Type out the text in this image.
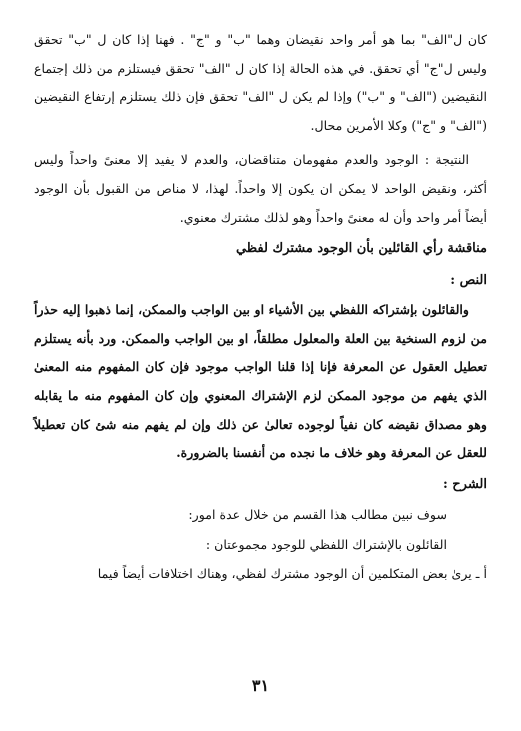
كان ل"الف" بما هو أمر واحد نقيضان وهما "ب" و "ج" . فهنا إذا كان ل "ب" تحقق وليس ل"ج" أي تحقق. في هذه الحالة إذا كان ل "الف" تحقق فيستلزم من ذلك إجتماع النقيضين ("الف" و "ب") وإذا لم يكن ل "الف" تحقق فإن ذلك يستلزم إرتفاع النقيضين ("الف" و "ج") وكلا الأمرين محال.

النتيجة : الوجود والعدم مفهومان متناقضان، والعدم لا يفيد إلا معنىً واحداً وليس أكثر، ونقيض الواحد لا يمكن ان يكون إلا واحداً. لهذا، لا مناص من القبول بأن الوجود أيضاً أمر واحد وأن له معنىً واحداً وهو لذلك مشترك معنوي.

مناقشة رأي القائلين بأن الوجود مشترك لفظي
النص :

والقائلون بإشتراكه اللفظي بين الأشياء او بين الواجب والممكن، إنما ذهبوا إليه حذراً من لزوم السنخية بين العلة والمعلول مطلقاً، او بين الواجب والممكن. ورد بأنه يستلزم تعطيل العقول عن المعرفة فإنا إذا قلنا الواجب موجود فإن كان المفهوم منه المعنىٰ الذي يفهم من موجود الممكن لزم الإشتراك المعنوي وإن كان المفهوم منه ما يقابله وهو مصداق نقيضه كان نفياً لوجوده تعالىٰ عن ذلك وإن لم يفهم منه شئ كان تعطيلاً للعقل عن المعرفة وهو خلاف ما نجده من أنفسنا بالضرورة.

الشرح :

سوف نبين مطالب هذا القسم من خلال عدة امور:

القائلون بالإشتراك اللفظي للوجود مجموعتان :

أ ـ يرىٰ بعض المتكلمين أن الوجود مشترك لفظي، وهناك اختلافات أيضاً فيما

٣١
